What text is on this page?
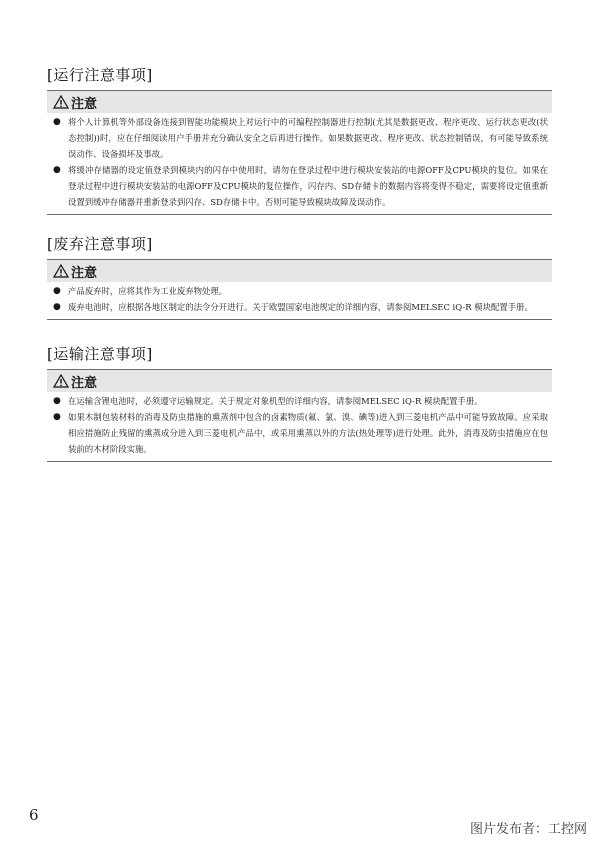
[运行注意事项]
注意
● 将个人计算机等外部设备连接到智能功能模块上对运行中的可编程控制器进行控制(尤其是数据更改、程序更改、运行状态更改(状态控制))时，应在仔细阅读用户手册并充分确认安全之后再进行操作。如果数据更改、程序更改、状态控制错误，有可能导致系统误动作、设备损坏及事故。
● 将缓冲存储器的设定值登录到模块内的闪存中使用时，请勿在登录过程中进行模块安装站的电源OFF及CPU模块的复位。如果在登录过程中进行模块安装站的电源OFF及CPU模块的复位操作，闪存内、SD存储卡的数据内容将变得不稳定，需要将设定值重新设置到缓冲存储器并重新登录到闪存、SD存储卡中。否则可能导致模块故障及误动作。
[废弃注意事项]
注意
● 产品废弃时，应将其作为工业废弃物处理。
● 废弃电池时，应根据各地区制定的法令分开进行。关于欧盟国家电池规定的详细内容，请参阅MELSEC iQ-R 模块配置手册。
[运输注意事项]
注意
● 在运输含锂电池时，必须遵守运输规定。关于规定对象机型的详细内容，请参阅MELSEC iQ-R 模块配置手册。
● 如果木制包装材料的消毒及防虫措施的熏蒸剂中包含的卤素物质(氟、氯、溴、碘等)进入到三菱电机产品中可能导致故障。应采取相应措施防止残留的熏蒸成分进入到三菱电机产品中，或采用熏蒸以外的方法(热处理等)进行处理。此外，消毒及防虫措施应在包装前的木材阶段实施。
6
图片发布者：工控网
